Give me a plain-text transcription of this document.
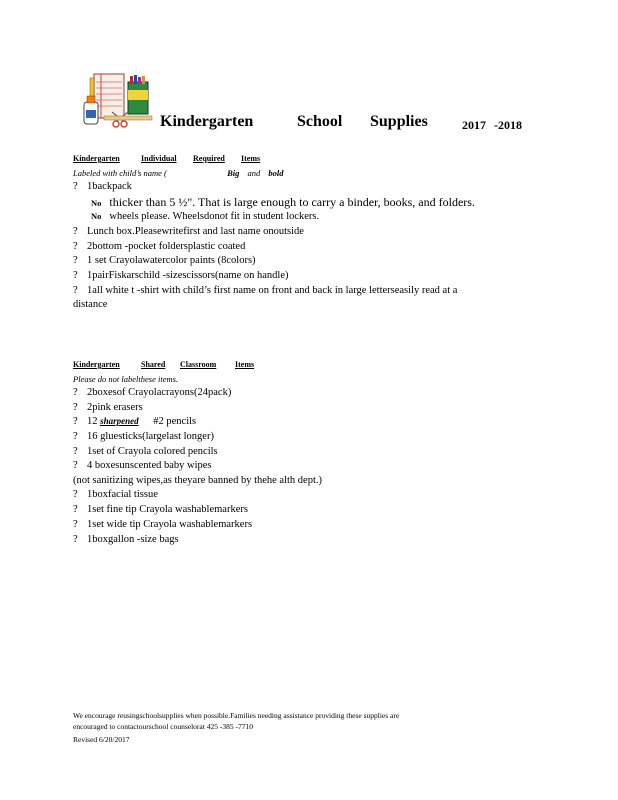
Kindergarten	School Supplies	2017 -2018
Kindergarten	Individual Required Items
Labeled with child’s name (	Big and bold
? 1backpack
No thicker than 5 ½". That is large enough to carry a binder, books, and folders.
No wheels please. Wheelsdonot fit in student lockers.
? Lunch box.Pleasewritefirst and last name onoutside
? 2bottom -pocket foldersplastic coated
? 1 set Crayolawatercolor paints (8colors)
? 1pairFiskarschild -sizescissors(name on handle)
? 1all white t -shirt with child’s first name on front and back in large letterseasily read at a
distance
Kindergarten	Shared Classroom Items
Please do not labelthese items.
? 2boxesof Crayolacrayons(24pack)
? 2pink erasers
? 12 sharpened #2 pencils
? 16 gluesticks(largelast longer)
? 1set of Crayola colored pencils
? 4 boxesunscented baby wipes
(not sanitizing wipes,as theyare banned by thehe alth dept.)
? 1boxfacial tissue
? 1set fine tip Crayola washablemarkers
? 1set wide tip Crayola washablemarkers
? 1boxgallon -size bags
We encourage reusingschoolsupplies when possible.Families needing assistance providing these supplies are
encouraged to contactourschool counselorat 425 -385 -7710
Revised 6/20/2017
